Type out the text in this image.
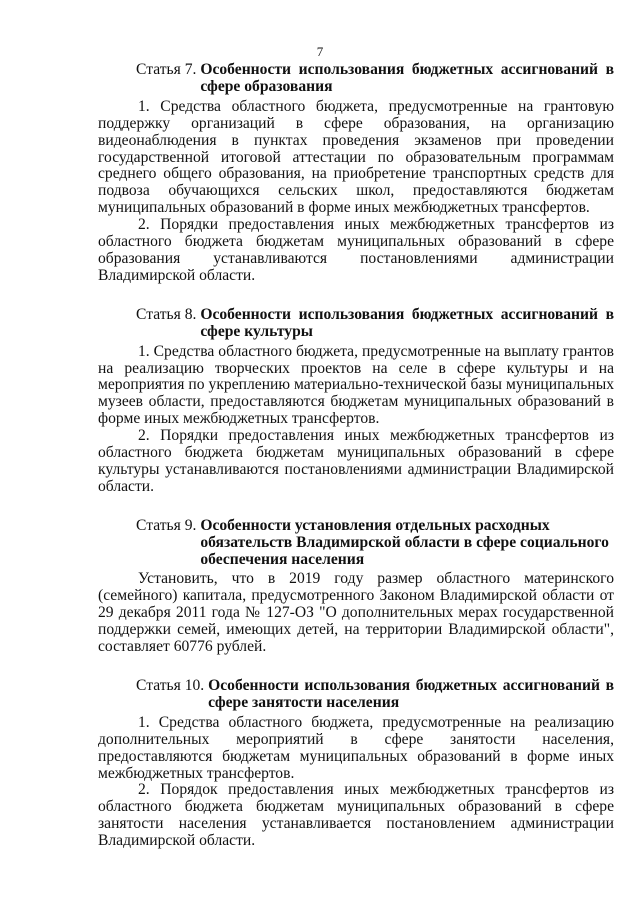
7
Статья 7.
Особенности использования бюджетных ассигнований в сфере образования

1. Средства областного бюджета, предусмотренные на грантовую поддержку организаций в сфере образования, на организацию видеонаблюдения в пунктах проведения экзаменов при проведении государственной итоговой аттестации по образовательным программам среднего общего образования, на приобретение транспортных средств для подвоза обучающихся сельских школ, предоставляются бюджетам муниципальных образований в форме иных межбюджетных трансфертов.

2. Порядки предоставления иных межбюджетных трансфертов из областного бюджета бюджетам муниципальных образований в сфере образования устанавливаются постановлениями администрации Владимирской области.

Статья 8.
Особенности использования бюджетных ассигнований в сфере культуры

1. Средства областного бюджета, предусмотренные на выплату грантов на реализацию творческих проектов на селе в сфере культуры и на мероприятия по укреплению материально-технической базы муниципальных музеев области, предоставляются бюджетам муниципальных образований в форме иных межбюджетных трансфертов.

2. Порядки предоставления иных межбюджетных трансфертов из областного бюджета бюджетам муниципальных образований в сфере культуры устанавливаются постановлениями администрации Владимирской области.

Статья 9.
Особенности установления отдельных расходных обязательств Владимирской области в сфере социального обеспечения населения

Установить, что в 2019 году размер областного материнского (семейного) капитала, предусмотренного Законом Владимирской области от 29 декабря 2011 года № 127-ОЗ "О дополнительных мерах государственной поддержки семей, имеющих детей, на территории Владимирской области", составляет 60776 рублей.

Статья 10.
Особенности использования бюджетных ассигнований в сфере занятости населения

1. Средства областного бюджета, предусмотренные на реализацию дополнительных мероприятий в сфере занятости населения, предоставляются бюджетам муниципальных образований в форме иных межбюджетных трансфертов.

2. Порядок предоставления иных межбюджетных трансфертов из областного бюджета бюджетам муниципальных образований в сфере занятости населения устанавливается постановлением администрации Владимирской области.
